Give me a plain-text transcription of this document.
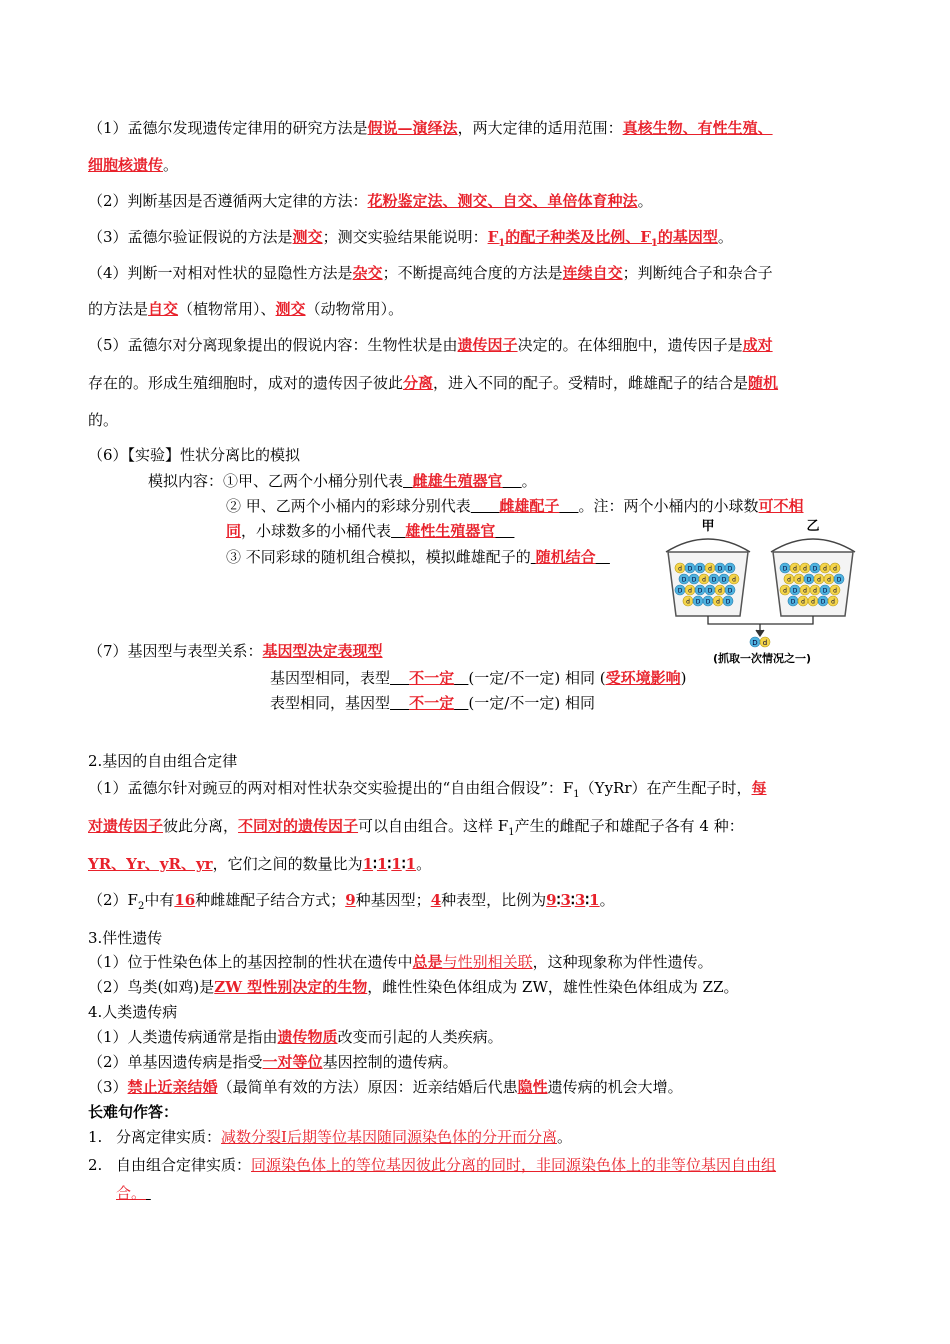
（1）孟德尔发现遗传定律用的研究方法是假说—演绎法，两大定律的适用范围：真核生物、有性生殖、
细胞核遗传。
（2）判断基因是否遵循两大定律的方法：花粉鉴定法、测交、自交、单倍体育种法。
（3）孟德尔验证假说的方法是测交；测交实验结果能说明：$F_1$的配子种类及比例、$F_1$的基因型。
（4）判断一对相对性状的显隐性方法是杂交；不断提高纯合度的方法是连续自交；判断纯合子和杂合子
的方法是自交（植物常用）、测交（动物常用）。
（5）孟德尔对分离现象提出的假说内容：生物性状是由遗传因子决定的。在体细胞中，遗传因子是成对
存在的。形成生殖细胞时，成对的遗传因子彼此分离，进入不同的配子。受精时，雌雄配子的结合是随机
的。
（6）【实验】性状分离比的模拟
模拟内容：①甲、乙两个小桶分别代表 雌雄生殖器官 。
② 甲、乙两个小桶内的彩球分别代表 雌雄配子 。注：两个小桶内的小球数可不相
同，小球数多的小桶代表 雄性生殖器官
③ 不同彩球的随机组合模拟，模拟雌雄配子的 随机结合
甲	乙
d D D d D D
D D d D D d
D d D D d D
d D D d D
D d d D d d
d d D d d D
d D d d D d
D d d D d
D d
(抓取一次情况之一)
（7）基因型与表型关系：基因型决定表现型
基因型相同，表型 不一定 (一定/不一定) 相同 (受环境影响)
表型相同，基因型 不一定 (一定/不一定) 相同
2.基因的自由组合定律
（1）孟德尔针对豌豆的两对相对性状杂交实验提出的“自由组合假设”：$F_1(YyRr)$在产生配子时，每
对遗传因子彼此分离，不同对的遗传因子可以自由组合。这样 $F_1$产生的雌配子和雄配子各有 4 种：
YR、Yr、yR、yr，它们之间的数量比为1∶1∶1∶1。
$(2)F_2$中有16种雌雄配子结合方式；9种基因型；4种表型，比例为9∶3∶3∶1。
3.伴性遗传
（1）位于性染色体上的基因控制的性状在遗传中总是与性别相关联，这种现象称为伴性遗传。
（2）鸟类(如鸡)是ZW 型性别决定的生物，雌性性染色体组成为 ZW，雄性性染色体组成为 ZZ。
4.人类遗传病
（1）人类遗传病通常是指由遗传物质改变而引起的人类疾病。
（2）单基因遗传病是指受一对等位基因控制的遗传病。
（3）禁止近亲结婚（最简单有效的方法）原因：近亲结婚后代患隐性遗传病的机会大增。
长难句作答：
1. 分离定律实质：减数分裂Ⅰ后期等位基因随同源染色体的分开而分离。
2. 自由组合定律实质：同源染色体上的等位基因彼此分离的同时，非同源染色体上的非等位基因自由组
合。
